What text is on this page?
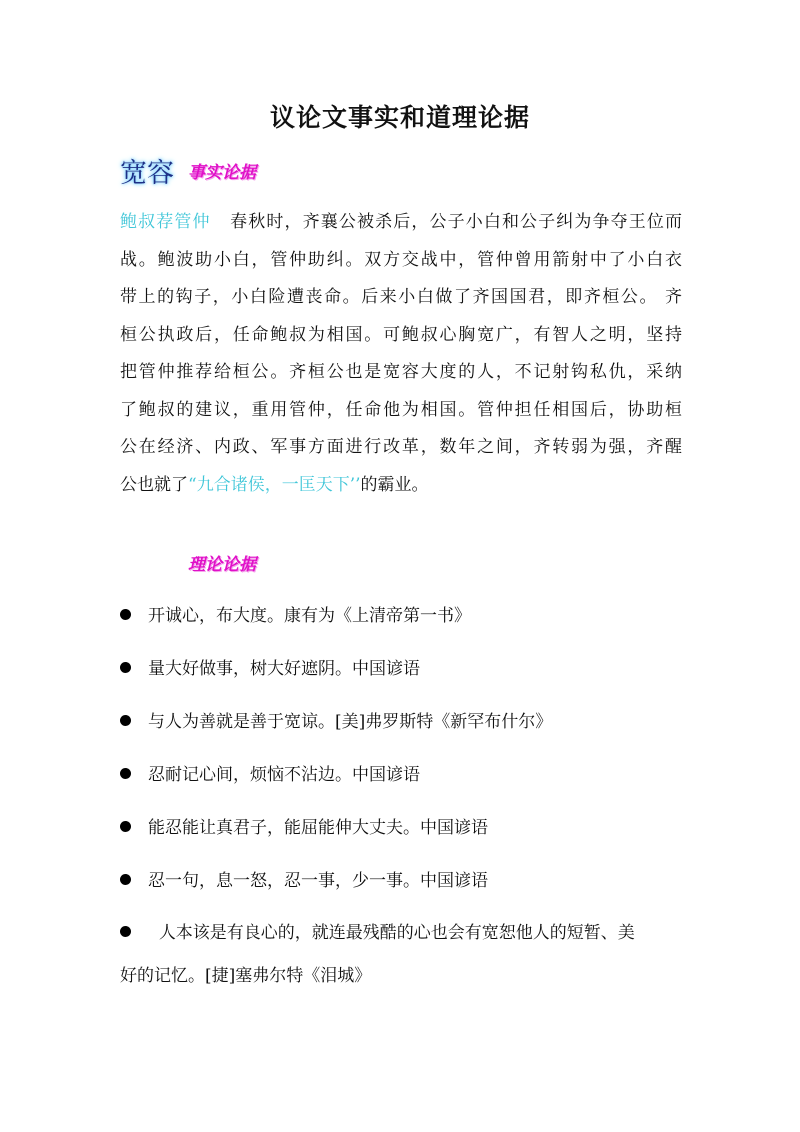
议论文事实和道理论据
宽容 事实论据
鲍叔荐管仲 春秋时，齐襄公被杀后，公子小白和公子纠为争夺王位而
战。鲍波助小白，管仲助纠。双方交战中，管仲曾用箭射中了小白衣
带上的钩子，小白险遭丧命。后来小白做了齐国国君，即齐桓公。 齐
桓公执政后，任命鲍叔为相国。可鲍叔心胸宽广，有智人之明，坚持
把管仲推荐给桓公。齐桓公也是宽容大度的人，不记射钩私仇，采纳
了鲍叔的建议，重用管仲，任命他为相国。管仲担任相国后，协助桓
公在经济、内政、军事方面进行改革，数年之间，齐转弱为强，齐醒
公也就了“九合诸侯，一匡天下’’的霸业。
理论论据
开诚心，布大度。康有为《上清帝第一书》
量大好做事，树大好遮阴。中国谚语
与人为善就是善于宽谅。[美]弗罗斯特《新罕布什尔》
忍耐记心间，烦恼不沾边。中国谚语
能忍能让真君子，能屈能伸大丈夫。中国谚语
忍一句，息一怒，忍一事，少一事。中国谚语
人本该是有良心的，就连最残酷的心也会有宽恕他人的短暂、美
好的记忆。[捷]塞弗尔特《泪城》
